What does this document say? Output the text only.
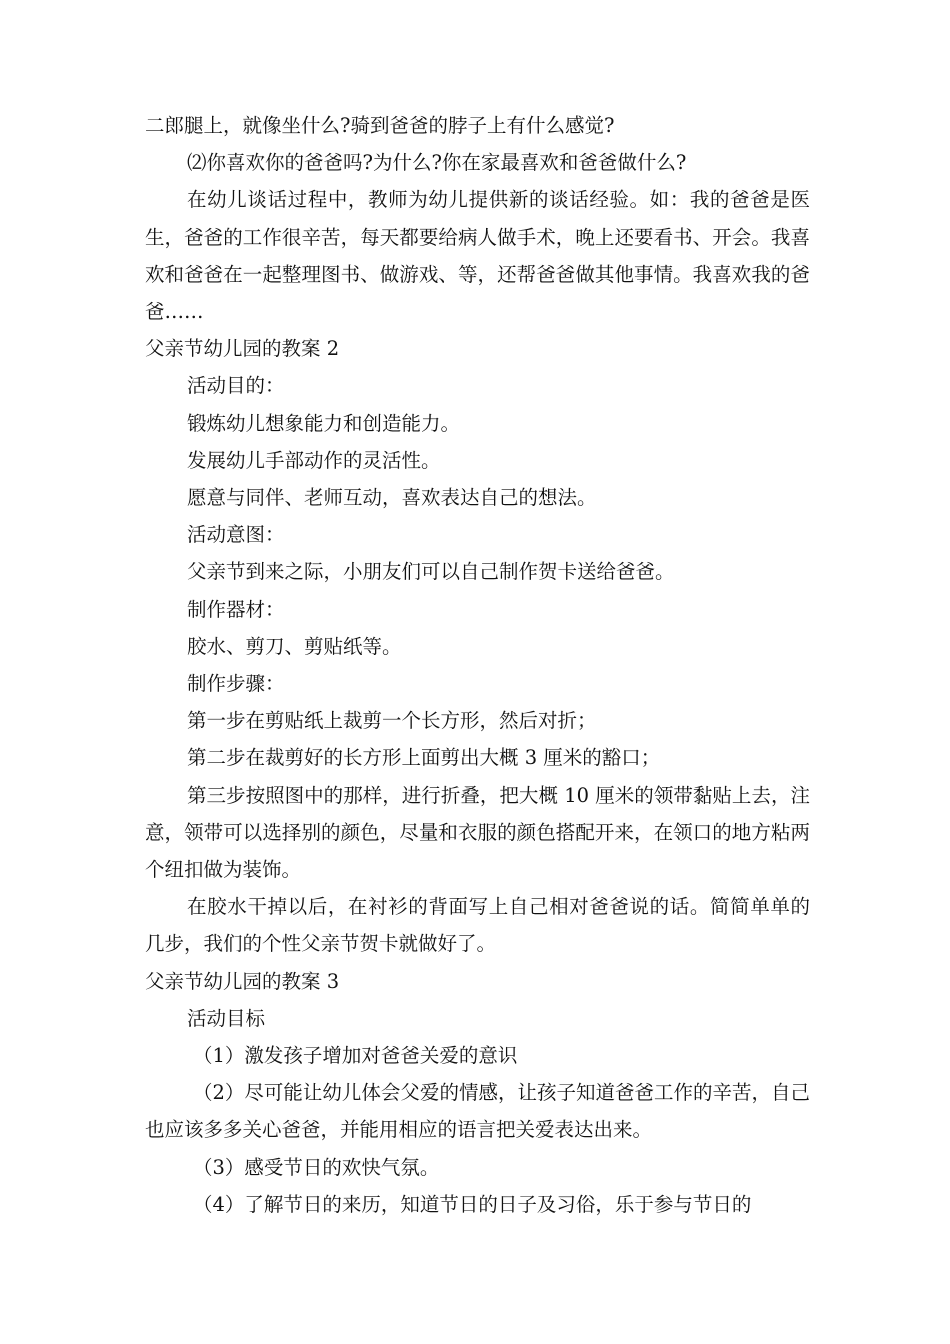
二郎腿上，就像坐什么?骑到爸爸的脖子上有什么感觉?

⑵你喜欢你的爸爸吗?为什么?你在家最喜欢和爸爸做什么?

在幼儿谈话过程中，教师为幼儿提供新的谈话经验。如：我的爸爸是医生，爸爸的工作很辛苦，每天都要给病人做手术，晚上还要看书、开会。我喜欢和爸爸在一起整理图书、做游戏、等，还帮爸爸做其他事情。我喜欢我的爸爸……

父亲节幼儿园的教案 2

活动目的：

锻炼幼儿想象能力和创造能力。

发展幼儿手部动作的灵活性。

愿意与同伴、老师互动，喜欢表达自己的想法。

活动意图：

父亲节到来之际，小朋友们可以自己制作贺卡送给爸爸。

制作器材：

胶水、剪刀、剪贴纸等。

制作步骤：

第一步在剪贴纸上裁剪一个长方形，然后对折；

第二步在裁剪好的长方形上面剪出大概 3 厘米的豁口；

第三步按照图中的那样，进行折叠，把大概 10 厘米的领带黏贴上去，注意，领带可以选择别的颜色，尽量和衣服的颜色搭配开来，在领口的地方粘两个纽扣做为装饰。

在胶水干掉以后，在衬衫的背面写上自己相对爸爸说的话。简简单单的几步，我们的个性父亲节贺卡就做好了。

父亲节幼儿园的教案 3

活动目标

（1）激发孩子增加对爸爸关爱的意识

（2）尽可能让幼儿体会父爱的情感，让孩子知道爸爸工作的辛苦，自己也应该多多关心爸爸，并能用相应的语言把关爱表达出来。

（3）感受节日的欢快气氛。

（4）了解节日的来历，知道节日的日子及习俗，乐于参与节日的
